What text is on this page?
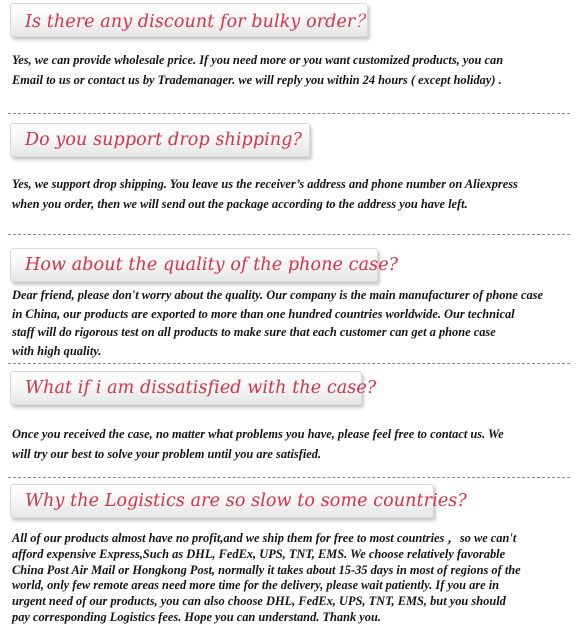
Is there any discount for bulky order？
Yes, we can provide wholesale price. If you need more or you want customized products, you can
Email to us or contact us by Trademanager. we will reply you within 24 hours ( except holiday) .
Do you support drop shipping?
Yes, we support drop shipping. You leave us the receiver’s address and phone number on Aliexpress
when you order, then we will send out the package according to the address you have left.
How about the quality of the phone case?
Dear friend, please don't worry about the quality. Our company is the main manufacturer of phone case
in China, our products are exported to more than one hundred countries worldwide. Our technical
staff will do rigorous test on all products to make sure that each customer can get a phone case
with high quality.
What if i am dissatisfied with the case?
Once you received the case, no matter what problems you have, please feel free to contact us. We
will try our best to solve your problem until you are satisfied.
Why the Logistics are so slow to some countries?
All of our products almost have no profit,and we ship them for free to most countries ，so we can't
afford expensive Express,Such as DHL, FedEx, UPS, TNT, EMS. We choose relatively favorable
China Post Air Mail or Hongkong Post, normally it takes about 15-35 days in most of regions of the
world, only few remote areas need more time for the delivery, please wait patiently. If you are in
urgent need of our products, you can also choose DHL, FedEx, UPS, TNT, EMS, but you should
pay corresponding Logistics fees. Hope you can understand. Thank you.
